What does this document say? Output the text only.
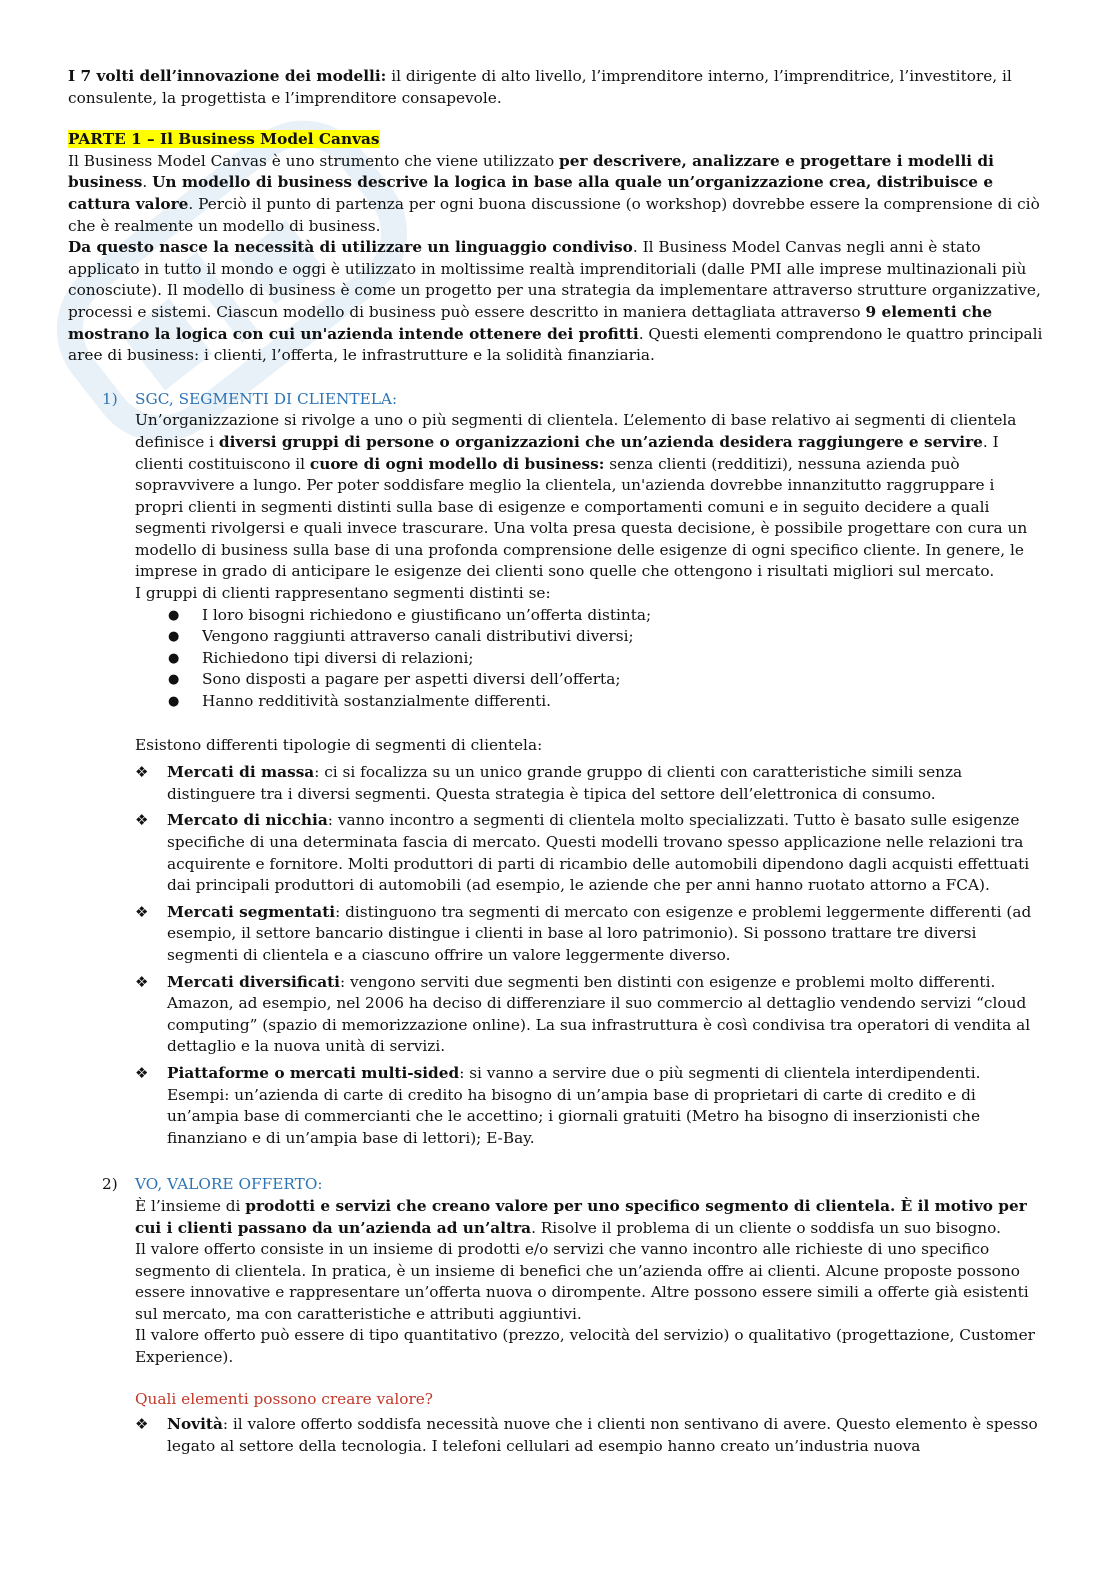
I 7 volti dell’innovazione dei modelli: il dirigente di alto livello, l’imprenditore interno, l’imprenditrice, l’investitore, il consulente, la progettista e l’imprenditore consapevole.

PARTE 1 – Il Business Model Canvas

Il Business Model Canvas è uno strumento che viene utilizzato per descrivere, analizzare e progettare i modelli di business. Un modello di business descrive la logica in base alla quale un’organizzazione crea, distribuisce e cattura valore. Perciò il punto di partenza per ogni buona discussione (o workshop) dovrebbe essere la comprensione di ciò che è realmente un modello di business.

Da questo nasce la necessità di utilizzare un linguaggio condiviso. Il Business Model Canvas negli anni è stato applicato in tutto il mondo e oggi è utilizzato in moltissime realtà imprenditoriali (dalle PMI alle imprese multinazionali più conosciute). Il modello di business è come un progetto per una strategia da implementare attraverso strutture organizzative, processi e sistemi. Ciascun modello di business può essere descritto in maniera dettagliata attraverso 9 elementi che mostrano la logica con cui un'azienda intende ottenere dei profitti. Questi elementi comprendono le quattro principali aree di business: i clienti, l’offerta, le infrastrutture e la solidità finanziaria.

1)	SGC, SEGMENTI DI CLIENTELA:

Un’organizzazione si rivolge a uno o più segmenti di clientela. L’elemento di base relativo ai segmenti di clientela definisce i diversi gruppi di persone o organizzazioni che un’azienda desidera raggiungere e servire. I clienti costituiscono il cuore di ogni modello di business: senza clienti (redditizi), nessuna azienda può sopravvivere a lungo. Per poter soddisfare meglio la clientela, un'azienda dovrebbe innanzitutto raggruppare i propri clienti in segmenti distinti sulla base di esigenze e comportamenti comuni e in seguito decidere a quali segmenti rivolgersi e quali invece trascurare. Una volta presa questa decisione, è possibile progettare con cura un modello di business sulla base di una profonda comprensione delle esigenze di ogni specifico cliente. In genere, le imprese in grado di anticipare le esigenze dei clienti sono quelle che ottengono i risultati migliori sul mercato.

I gruppi di clienti rappresentano segmenti distinti se:

● I loro bisogni richiedono e giustificano un’offerta distinta;
● Vengono raggiunti attraverso canali distributivi diversi;
● Richiedono tipi diversi di relazioni;
● Sono disposti a pagare per aspetti diversi dell’offerta;
● Hanno redditività sostanzialmente differenti.

Esistono differenti tipologie di segmenti di clientela:

❖ Mercati di massa: ci si focalizza su un unico grande gruppo di clienti con caratteristiche simili senza distinguere tra i diversi segmenti. Questa strategia è tipica del settore dell’elettronica di consumo.
❖ Mercato di nicchia: vanno incontro a segmenti di clientela molto specializzati. Tutto è basato sulle esigenze specifiche di una determinata fascia di mercato. Questi modelli trovano spesso applicazione nelle relazioni tra acquirente e fornitore. Molti produttori di parti di ricambio delle automobili dipendono dagli acquisti effettuati dai principali produttori di automobili (ad esempio, le aziende che per anni hanno ruotato attorno a FCA).
❖ Mercati segmentati: distinguono tra segmenti di mercato con esigenze e problemi leggermente differenti (ad esempio, il settore bancario distingue i clienti in base al loro patrimonio). Si possono trattare tre diversi segmenti di clientela e a ciascuno offrire un valore leggermente diverso.
❖ Mercati diversificati: vengono serviti due segmenti ben distinti con esigenze e problemi molto differenti. Amazon, ad esempio, nel 2006 ha deciso di differenziare il suo commercio al dettaglio vendendo servizi “cloud computing” (spazio di memorizzazione online). La sua infrastruttura è così condivisa tra operatori di vendita al dettaglio e la nuova unità di servizi.
❖ Piattaforme o mercati multi-sided: si vanno a servire due o più segmenti di clientela interdipendenti. Esempi: un’azienda di carte di credito ha bisogno di un’ampia base di proprietari di carte di credito e di un’ampia base di commercianti che le accettino; i giornali gratuiti (Metro ha bisogno di inserzionisti che finanziano e di un’ampia base di lettori); E-Bay.
2)	VO, VALORE OFFERTO:

È l’insieme di prodotti e servizi che creano valore per uno specifico segmento di clientela. È il motivo per cui i clienti passano da un’azienda ad un’altra. Risolve il problema di un cliente o soddisfa un suo bisogno.

Il valore offerto consiste in un insieme di prodotti e/o servizi che vanno incontro alle richieste di uno specifico segmento di clientela. In pratica, è un insieme di benefici che un’azienda offre ai clienti. Alcune proposte possono essere innovative e rappresentare un’offerta nuova o dirompente. Altre possono essere simili a offerte già esistenti sul mercato, ma con caratteristiche e attributi aggiuntivi.

Il valore offerto può essere di tipo quantitativo (prezzo, velocità del servizio) o qualitativo (progettazione, Customer Experience).

Quali elementi possono creare valore?

❖ Novità: il valore offerto soddisfa necessità nuove che i clienti non sentivano di avere. Questo elemento è spesso legato al settore della tecnologia. I telefoni cellulari ad esempio hanno creato un’industria nuova
